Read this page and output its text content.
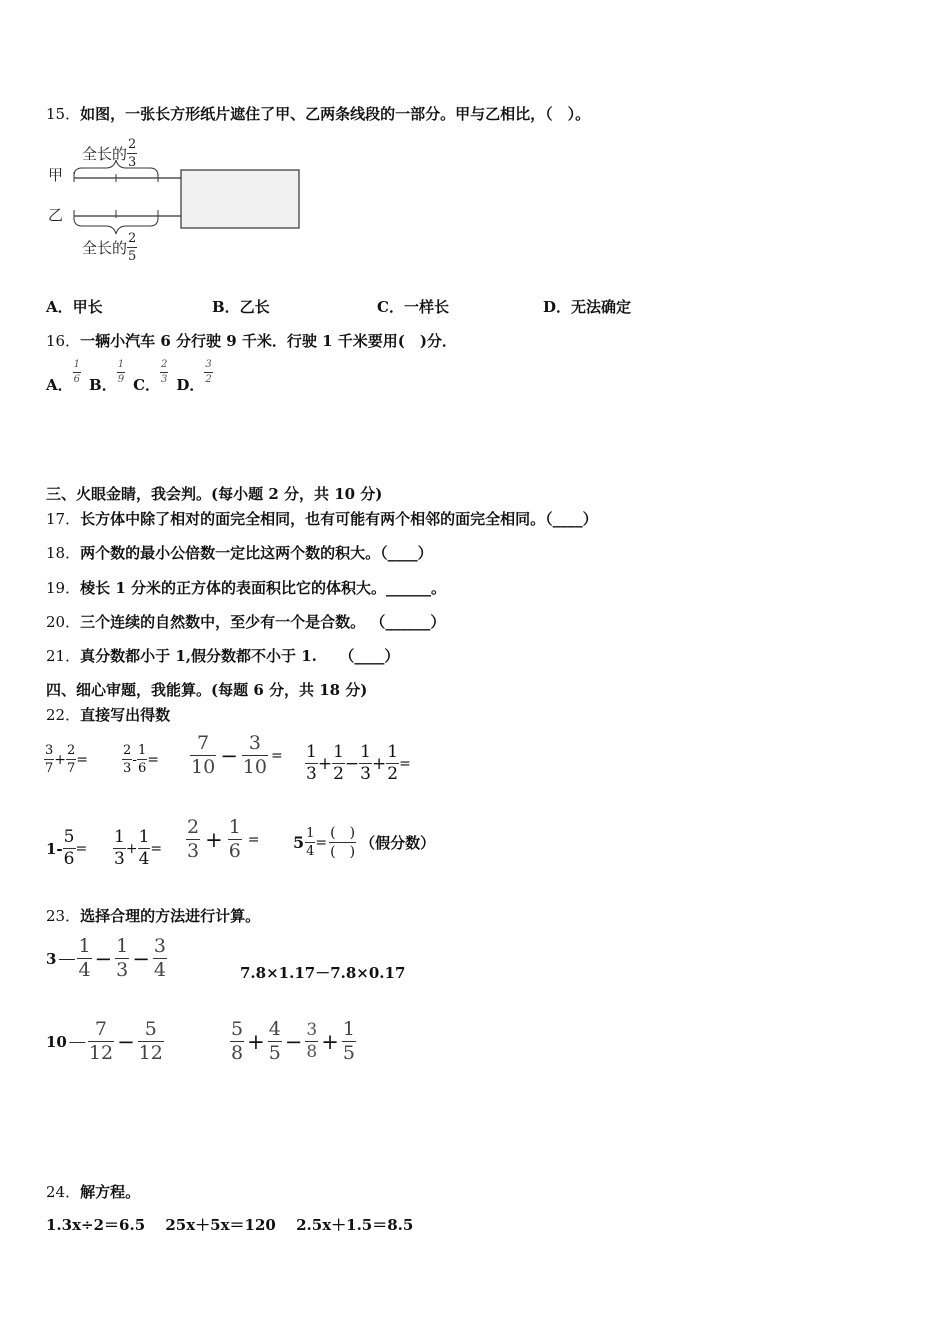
15．如图，一张长方形纸片遮住了甲、乙两条线段的一部分。甲与乙相比，（　）。
甲
乙
全长的 $\frac{2}{3}$
全长的 $\frac{2}{5}$
A．甲长	B．乙长	C．一样长	D．无法确定
16．一辆小汽车 6 分行驶 9 千米．行驶 1 千米要用(　)分．
A． $\frac{1}{6}$ B． $\frac{1}{9}$ C． $\frac{2}{3}$ D． $\frac{3}{2}$
三、火眼金睛，我会判。(每小题 2 分，共 10 分)
17．长方体中除了相对的面完全相同，也有可能有两个相邻的面完全相同。（____）
18．两个数的最小公倍数一定比这两个数的积大。（____）
19．棱长 1 分米的正方体的表面积比它的体积大。______。
20．三个连续的自然数中，至少有一个是合数。 （______）
21．真分数都小于 1,假分数都不小于 1.　　（____）
四、细心审题，我能算。(每题 6 分，共 18 分)
22．直接写出得数
$\frac{3}{7} + \frac{2}{7}$ =	$\frac{2}{3} - \frac{1}{6} = \frac{7}{10} - \frac{3}{10} = \frac{1}{3} + \frac{1}{2} - \frac{1}{3} + \frac{1}{2}$ =
$1- \frac{5}{6} = \frac{1}{3} + \frac{1}{4} = \frac{2}{3} + \frac{1}{6} = 5 \frac{1}{4} = \frac{( )}{( )}$ （假分数）
23．选择合理的方法进行计算。
$3 - \frac{1}{4} - \frac{1}{3} - \frac{3}{4}$	7.8×1.17－7.8×0.17
$10 - \frac{7}{12} - \frac{5}{12}$	$\frac{5}{8} + \frac{4}{5} - \frac{3}{8} + \frac{1}{5}$
24．解方程。
1.3x÷2＝6.5　 25x＋5x＝120　 2.5x＋1.5＝8.5
